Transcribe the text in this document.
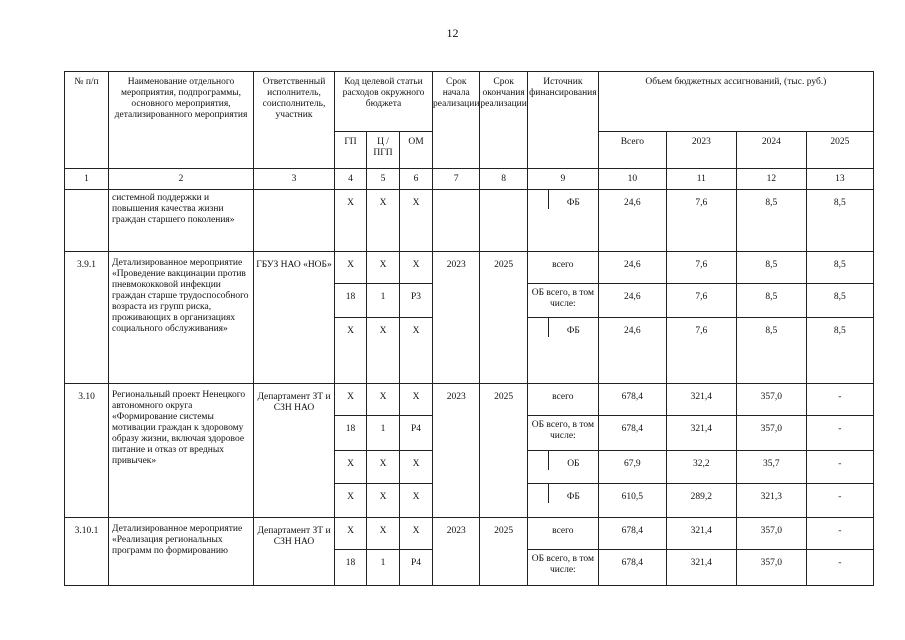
12
№ п/п	Наименование отдельного мероприятия, подпрограммы, основного мероприятия, детализированного мероприятия	Ответственный исполнитель, соисполнитель, участник	Код целевой статьи расходов окружного бюджета			Срок начала реализации	Срок окончания реализации	Источник финансирования	Объем бюджетных ассигнований, (тыс. руб.)			
			ГП	Ц / ПГП	ОМ				Всего	2023	2024	2025
1	2	3	4	5	6	7	8	9	10	11	12	13
	системной поддержки и повышения качества жизни граждан старшего поколения»		X	X	X			ФБ	24,6	7,6	8,5	8,5
3.9.1	Детализированное мероприятие «Проведение вакцинации против пневмококковой инфекции граждан старше трудоспособного возраста из групп риска, проживающих в организациях социального обслуживания»	ГБУЗ НАО «НОБ»	X	X	X	2023	2025	всего	24,6	7,6	8,5	8,5
			18	1	P3			ОБ всего, в том числе:	24,6	7,6	8,5	8,5
			X	X	X			ФБ	24,6	7,6	8,5	8,5
3.10	Региональный проект Ненецкого автономного округа «Формирование системы мотивации граждан к здоровому образу жизни, включая здоровое питание и отказ от вредных привычек»	Департамент ЗТ и СЗН НАО	X	X	X	2023	2025	всего	678,4	321,4	357,0	-
			18	1	P4			ОБ всего, в том числе:	678,4	321,4	357,0	-
			X	X	X			ОБ	67,9	32,2	35,7	-
			X	X	X			ФБ	610,5	289,2	321,3	-
3.10.1	Детализированное мероприятие «Реализация региональных программ по формированию	Департамент ЗТ и СЗН НАО	X	X	X	2023	2025	всего	678,4	321,4	357,0	-
			18	1	P4			ОБ всего, в том числе:	678,4	321,4	357,0	-
